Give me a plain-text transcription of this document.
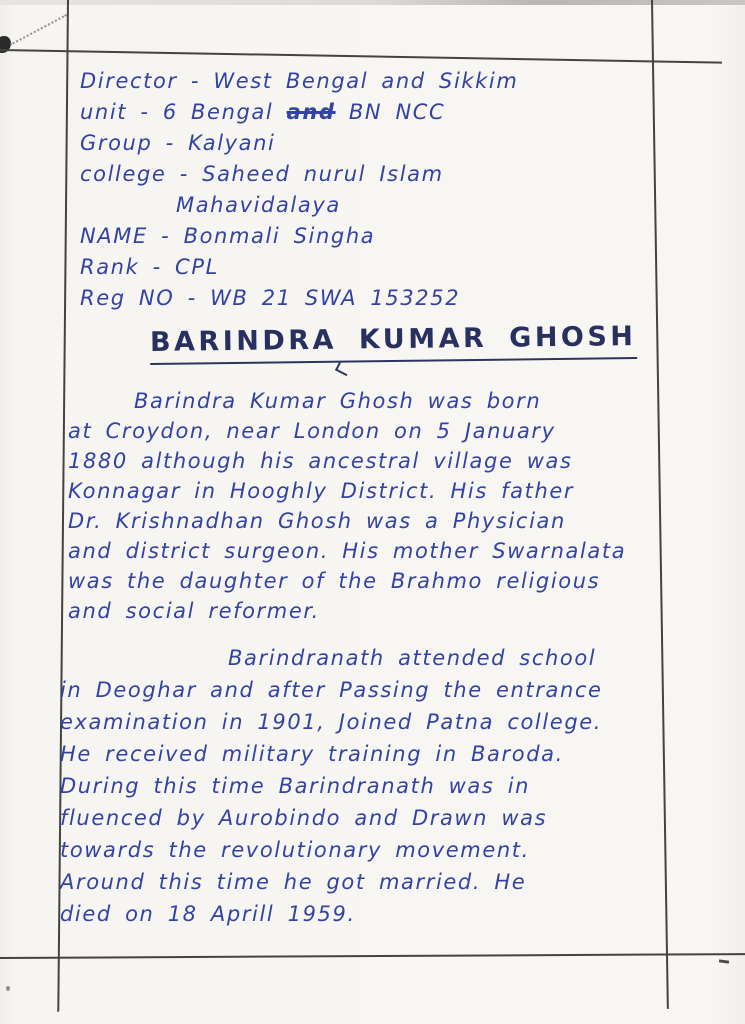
Director - West Bengal and Sikkim
unit - 6 Bengal and BN NCC
Group - Kalyani
college - Saheed nurul Islam
Mahavidalaya
NAME - Bonmali Singha
Rank - CPL
Reg NO - WB 21 SWA 153252
BARINDRA KUMAR GHOSH
Barindra Kumar Ghosh was born
at Croydon, near London on 5 January
1880 although his ancestral village was
Konnagar in Hooghly District. His father
Dr. Krishnadhan Ghosh was a Physician
and district surgeon. His mother Swarnalata
was the daughter of the Brahmo religious
and social reformer.
Barindranath attended school
in Deoghar and after Passing the entrance
examination in 1901, Joined Patna college.
He received military training in Baroda.
During this time Barindranath was in
fluenced by Aurobindo and Drawn was
towards the revolutionary movement.
Around this time he got married. He
died on 18 Aprill 1959.
